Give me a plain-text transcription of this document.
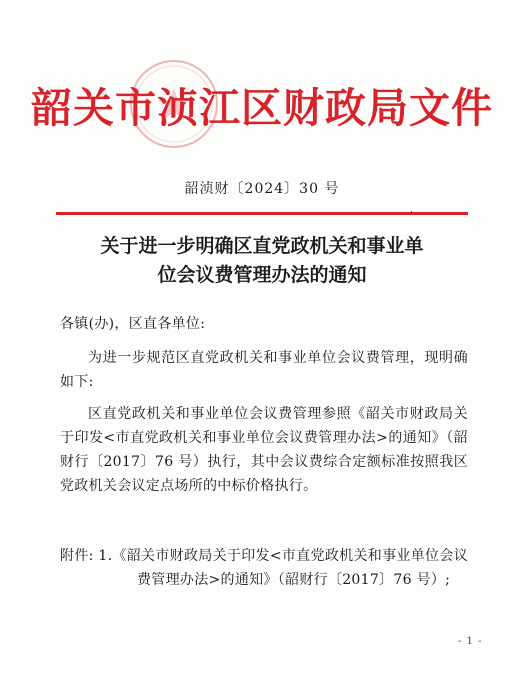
韶关市浈江区财政局文件
韶浈财〔2024〕30 号
,
关于进一步明确区直党政机关和事业单
位会议费管理办法的通知
各镇(办)，区直各单位:
为进一步规范区直党政机关和事业单位会议费管理，现明确如下:
区直党政机关和事业单位会议费管理参照《韶关市财政局关于印发<市直党政机关和事业单位会议费管理办法>的通知》（韶财行〔2017〕76 号）执行，其中会议费综合定额标准按照我区党政机关会议定点场所的中标价格执行。
附件: 1.《韶关市财政局关于印发<市直党政机关和事业单位会议费管理办法>的通知》（韶财行〔2017〕76 号）;
- 1 -
